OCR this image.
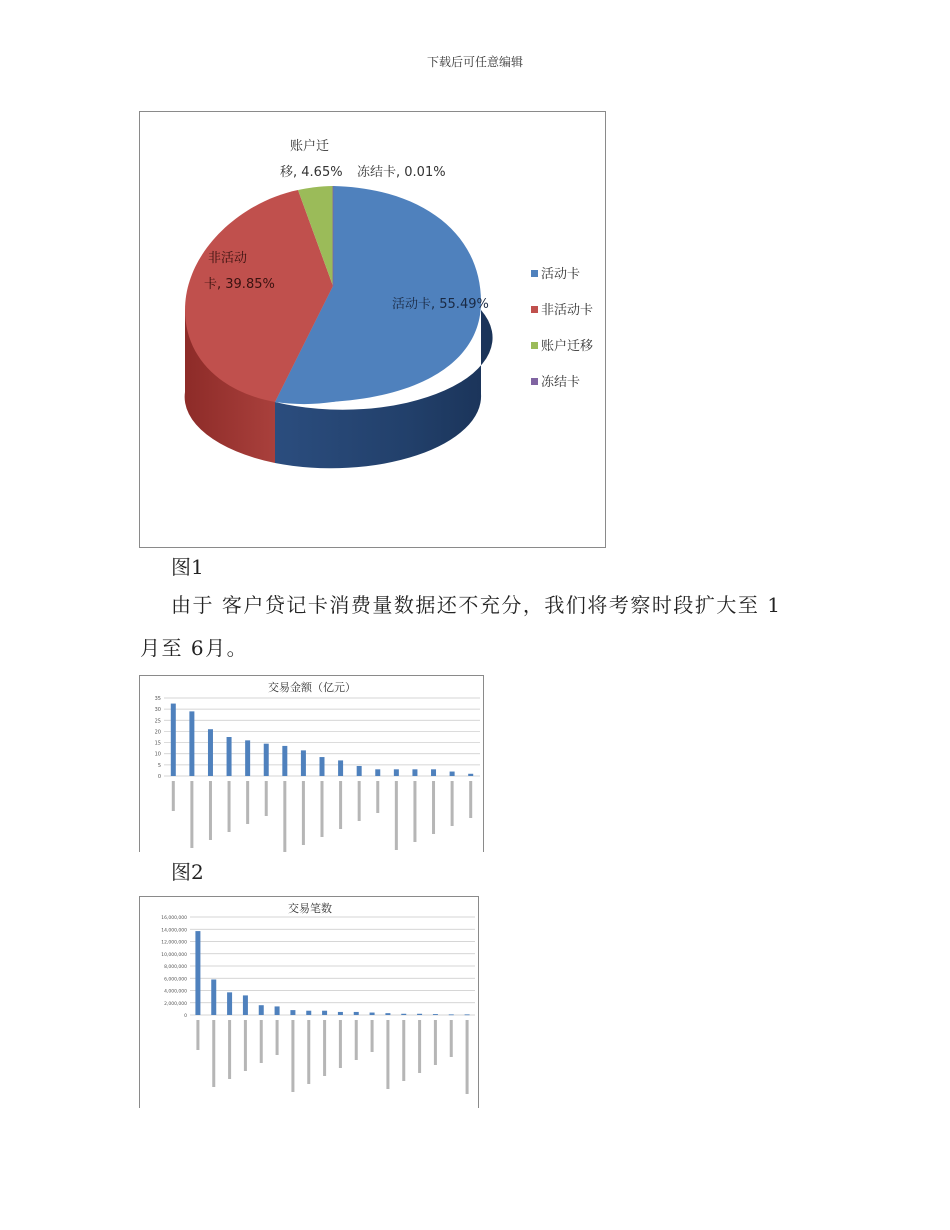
下载后可任意编辑
活动卡, 55.49%
非活动
卡, 39.85%
账户迁
移, 4.65% 冻结卡, 0.01%
活动卡
非活动卡
账户迁移
冻结卡
图1
由于 客户贷记卡消费量数据还不充分，我们将考察时段扩大至 1
月至 6月。
交易金额（亿元）
35
30
25
20
15
10
5
0
图2
交易笔数
16,000,000
14,000,000
12,000,000
10,000,000
8,000,000
6,000,000
4,000,000
2,000,000
0
